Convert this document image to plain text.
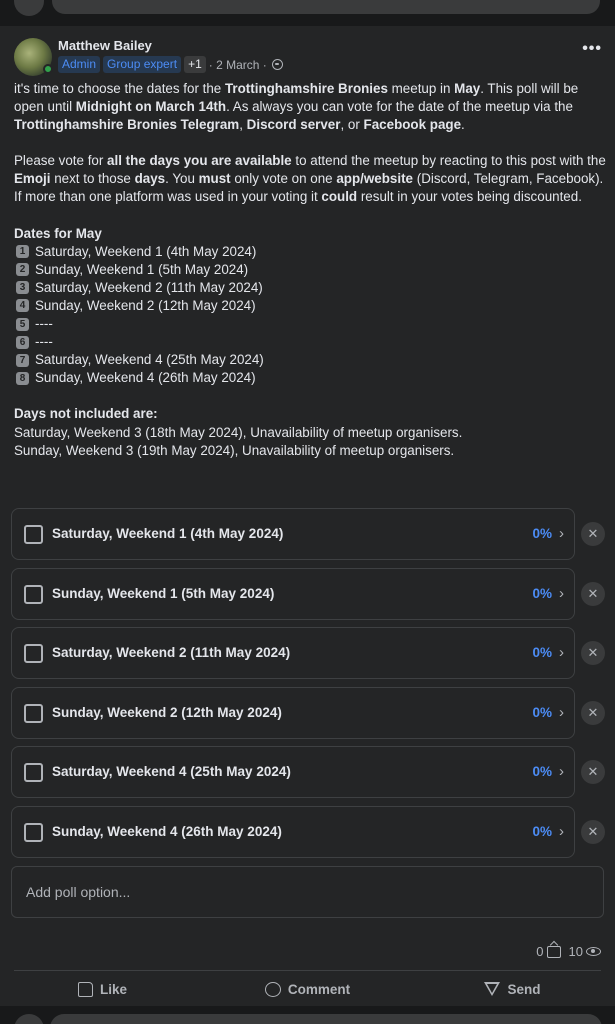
Matthew Bailey
Admin Group expert +1 · 2 March ·
•••

it's time to choose the dates for the Trottinghamshire Bronies meetup in May. This poll will be open until Midnight on March 14th. As always you can vote for the date of the meetup via the Trottinghamshire Bronies Telegram, Discord server, or Facebook page.

Please vote for all the days you are available to attend the meetup by reacting to this post with the Emoji next to those days. You must only vote on one app/website (Discord, Telegram, Facebook). If more than one platform was used in your voting it could result in your votes being discounted.

Dates for May

1 Saturday, Weekend 1 (4th May 2024)
2 Sunday, Weekend 1 (5th May 2024)
3 Saturday, Weekend 2 (11th May 2024)
4 Sunday, Weekend 2 (12th May 2024)
5 ----
6 ----
7 Saturday, Weekend 4 (25th May 2024)
8 Sunday, Weekend 4 (26th May 2024)

Days not included are:

Saturday, Weekend 3 (18th May 2024), Unavailability of meetup organisers.

Sunday, Weekend 3 (19th May 2024), Unavailability of meetup organisers.

Saturday, Weekend 1 (4th May 2024)	0% ›	✕
Sunday, Weekend 1 (5th May 2024)	0% ›	✕
Saturday, Weekend 2 (11th May 2024)	0% ›	✕
Sunday, Weekend 2 (12th May 2024)	0% ›	✕
Saturday, Weekend 4 (25th May 2024)	0% ›	✕
Sunday, Weekend 4 (26th May 2024)	0% ›	✕
Add poll option...
0 10
Like	Comment	Send
